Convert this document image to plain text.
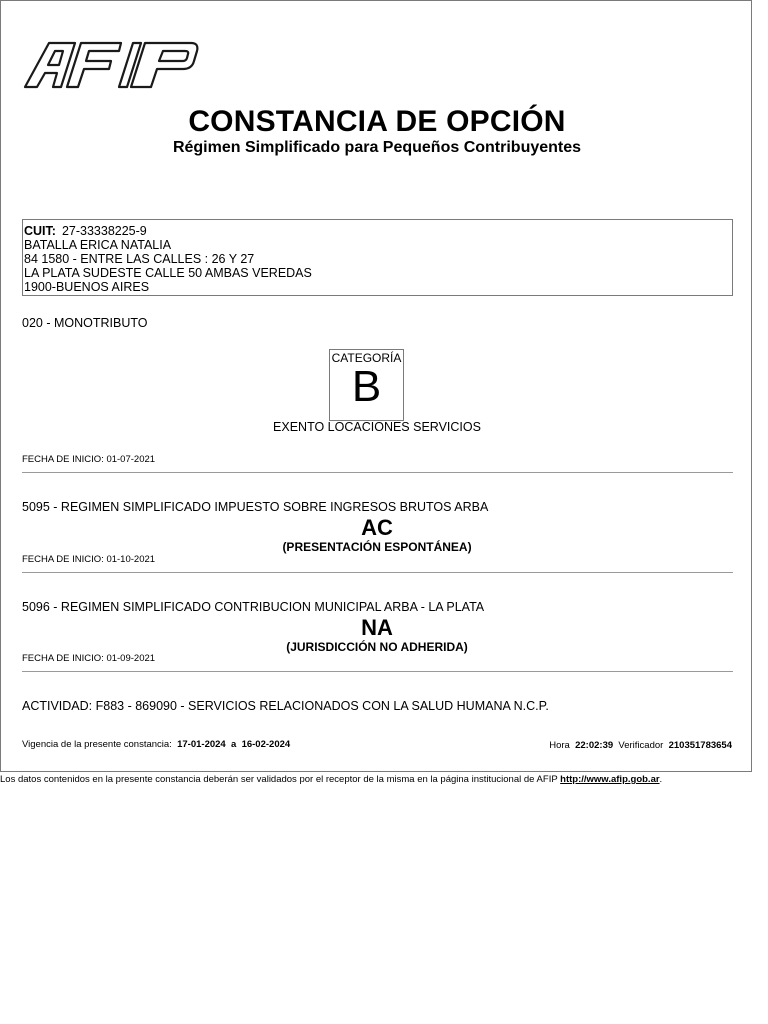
CONSTANCIA DE OPCIÓN
Régimen Simplificado para Pequeños Contribuyentes
CUIT: 27-33338225-9
BATALLA ERICA NATALIA
84 1580 - ENTRE LAS CALLES : 26 Y 27
LA PLATA SUDESTE CALLE 50 AMBAS VEREDAS
1900-BUENOS AIRES
020 - MONOTRIBUTO
CATEGORÍA
B
EXENTO LOCACIONES SERVICIOS
FECHA DE INICIO: 01-07-2021
5095 - REGIMEN SIMPLIFICADO IMPUESTO SOBRE INGRESOS BRUTOS ARBA
AC
(PRESENTACIÓN ESPONTÁNEA)
FECHA DE INICIO: 01-10-2021
5096 - REGIMEN SIMPLIFICADO CONTRIBUCION MUNICIPAL ARBA - LA PLATA
NA
(JURISDICCIÓN NO ADHERIDA)
FECHA DE INICIO: 01-09-2021
ACTIVIDAD: F883 - 869090 - SERVICIOS RELACIONADOS CON LA SALUD HUMANA N.C.P.
Vigencia de la presente constancia: 17-01-2024 a 16-02-2024	Hora 22:02:39 Verificador 210351783654
Los datos contenidos en la presente constancia deberán ser validados por el receptor de la misma en la página institucional de AFIP http://www.afip.gob.ar.
